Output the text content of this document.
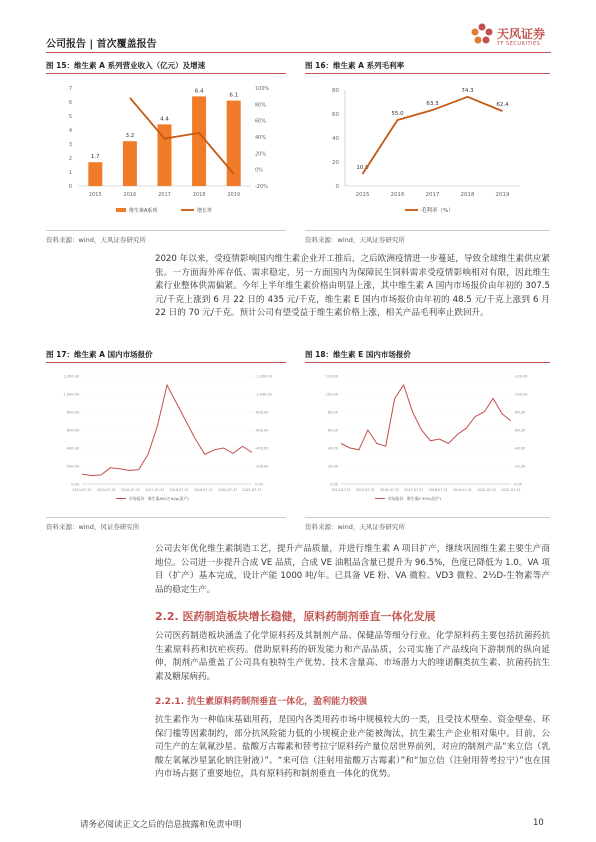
公司报告 | 首次覆盖报告
天风证券
TF SECURITIES
图 15：维生素 A 系列营业收入（亿元）及增速
0
1
2
3
4
5
6
7
-20%
0%
20%
40%
60%
80%
100%
1.7
2015
3.2
2016
4.4
2017
6.4
2018
6.1
2019
维生素A系列	增长率
资料来源：wind，天风证券研究所
图 16：维生素 A 系列毛利率
0
20
40
60
80
2015
10.0
2016
55.0
2017
63.3
2018
74.3
2019
62.4
毛利率（%）
资料来源：wind，天风证券研究所
2020 年以来，受疫情影响国内维生素企业开工推后，之后欧洲疫情进一步蔓延，导致全球维生素供应紧张。一方面海外库存低、需求稳定，另一方面国内为保障民生饲料需求受疫情影响相对有限，因此维生素行业整体供需偏紧。今年上半年维生素价格由明显上涨，其中维生素 A 国内市场报价由年初的 307.5 元/千克上涨到 6 月 22 日的 435 元/千克，维生素 E 国内市场报价由年初的 48.5 元/千克上涨到 6 月 22 日的 70 元/千克。预计公司有望受益于维生素价格上涨，相关产品毛利率止跌回升。
图 17：维生素 A 国内市场报价
0.00
200.00
400.00
600.00
800.00
1,000.00
1,200.00
0.00
-200.00
-400.00
-600.00
-800.00
-1,000.00
-1,200.00
2014-07-31 2015-07-31 2016-07-31 2017-07-31 2018-07-31 2019-07-31 2020-07-31 2021-07-31
市场报价：维生素A50万IU/g(国产)
资料来源：wind，风证券研究所
图 18：维生素 E 国内市场报价
0.00
20.00
40.00
60.00
80.00
100.00
120.00
0.00
-20.00
-40.00
-60.00
-80.00
-100.00
-120.00
2014-07-31 2015-07-31 2016-07-31 2017-07-31 2018-07-31 2019-07-31 2020-07-31 2021-07-31
市场报价：维生素E 50%(国产)
资料来源：wind，天风证券研究所
公司去年优化维生素制造工艺，提升产品质量，并进行维生素 A 项目扩产，继续巩固维生素主要生产商地位。公司进一步提升合成 VE 品质，合成 VE 油粗品含量已提升为 96.5%，色度已降低为 1.0。VA 项目（扩产）基本完成，设计产能 1000 吨/年。已具备 VE 粉、VA 微粒、VD3 微粒、2½D-生物素等产品的稳定生产。
2.2. 医药制造板块增长稳健，原料药制剂垂直一体化发展
公司医药制造板块涵盖了化学原料药及其制剂产品、保健品等细分行业。化学原料药主要包括抗菌药抗生素原料药和抗疟疾药。借助原料药的研发能力和产品品质，公司实施了产品线向下游制剂的纵向延伸，制剂产品重盖了公司具有独特生产优势、技术含量高、市场潜力大的喹诺酮类抗生素、抗菌药抗生素及糖尿病药。
2.2.1. 抗生素原料药制剂垂直一体化，盈利能力较强
抗生素作为一种临床基础用药，是国内各类用药市场中规模较大的一类，且受技术壁垒、资金壁垒、环保门槛等因素制约，部分抗风险能力低的小规模企业产能被淘汰，抗生素生产企业相对集中。目前，公司生产的左氧氟沙星、盐酸万古霉素和替考拉宁原料药产量位居世界前列，对应的制剂产品“来立信（乳酸左氧氟沙星氯化钠注射液）”、“来可信（注射用盐酸万古霉素）”和“加立信（注射用替考拉宁）”也在国内市场占据了重要地位，具有原料药和制剂垂直一体化的优势。
请务必阅读正文之后的信息披露和免责申明	10
